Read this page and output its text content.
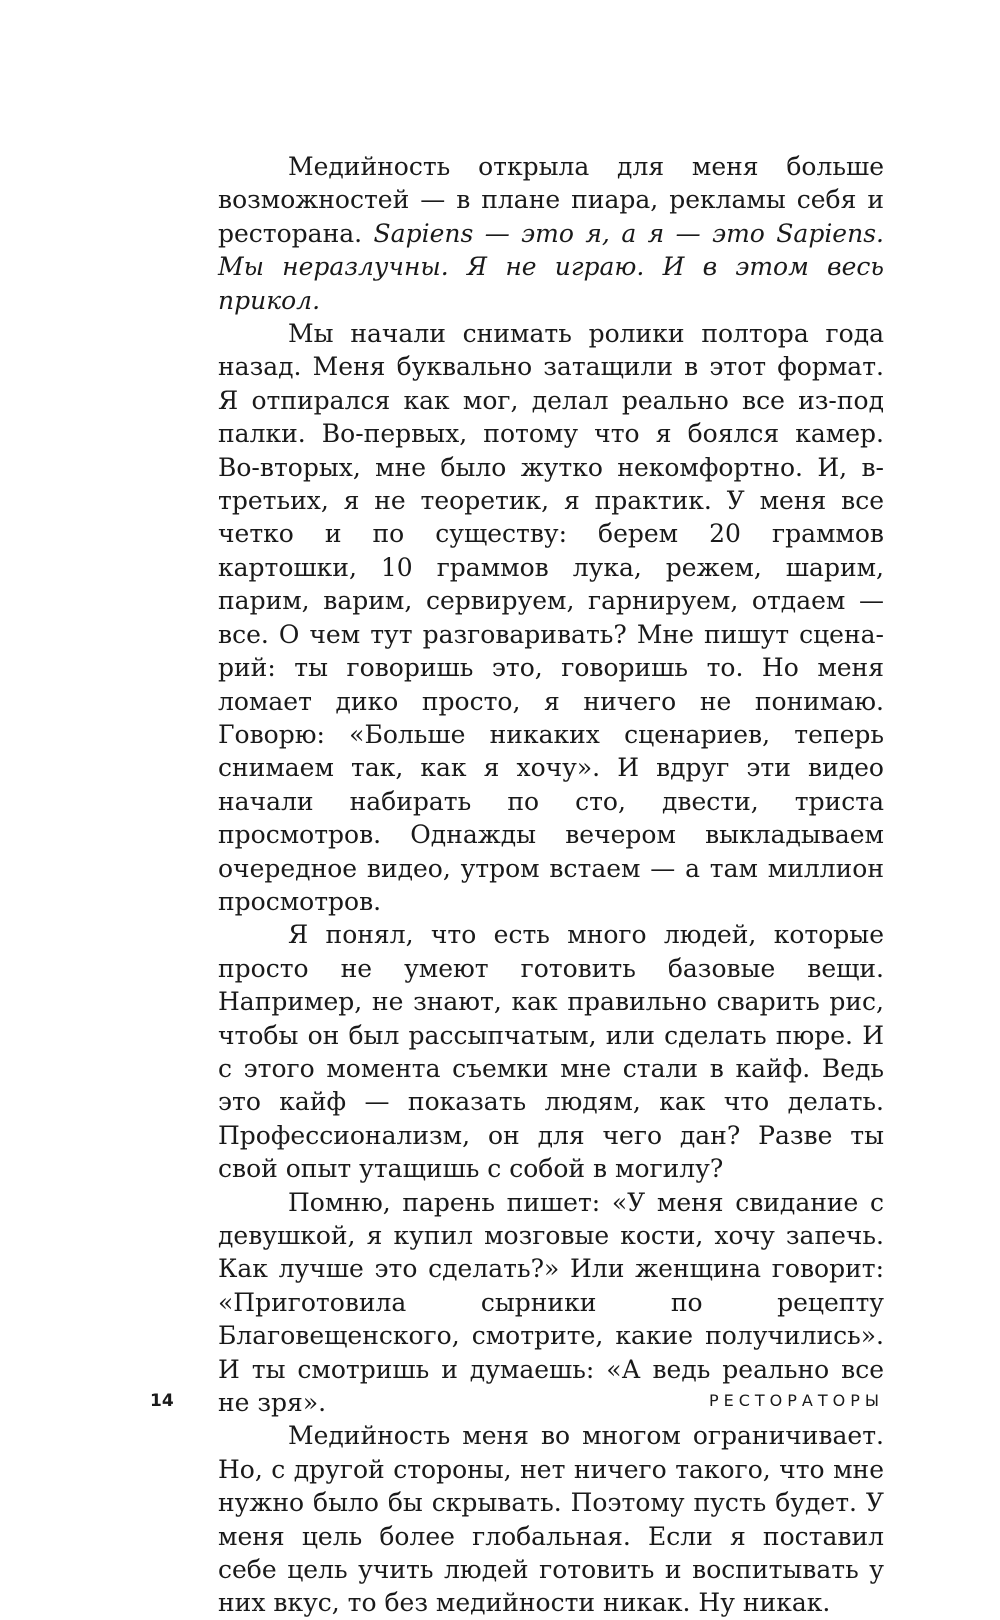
Медийность открыла для меня больше возможностей — в плане пиара, рекламы себя и ресторана. Sapiens — это я, а я — это Sapiens. Мы неразлучны. Я не играю. И в этом весь прикол.

Мы начали снимать ролики полтора года назад. Меня буквально затащили в этот формат. Я отпирался как мог, делал реально все из-под палки. Во-первых, потому что я боялся камер. Во-вторых, мне было жутко некомфортно. И, в-третьих, я не теоретик, я практик. У меня все четко и по существу: берем 20 граммов картошки, 10 граммов лука, режем, шарим, парим, варим, сервируем, гарнируем, отдаем — все. О чем тут разговаривать? Мне пишут сценарий: ты говоришь это, говоришь то. Но меня ломает дико просто, я ничего не понимаю. Говорю: «Больше никаких сценариев, теперь снимаем так, как я хочу». И вдруг эти видео начали набирать по сто, двести, триста просмотров. Однажды вечером выкладываем очередное видео, утром встаем — а там миллион просмотров.

Я понял, что есть много людей, которые просто не умеют готовить базовые вещи. Например, не знают, как правильно сварить рис, чтобы он был рассыпчатым, или сделать пюре. И с этого момента съемки мне стали в кайф. Ведь это кайф — показать людям, как что делать. Профессионализм, он для чего дан? Разве ты свой опыт утащишь с собой в могилу?

Помню, парень пишет: «У меня свидание с девушкой, я купил мозговые кости, хочу запечь. Как лучше это сделать?» Или женщина говорит: «Приготовила сырники по рецепту Благовещенского, смотрите, какие получились». И ты смотришь и думаешь: «А ведь реально все не зря».

Медийность меня во многом ограничивает. Но, с другой стороны, нет ничего такого, что мне нужно было бы скрывать. Поэтому пусть будет. У меня цель более глобальная. Если я поставил себе цель учить людей готовить и воспитывать у них вкус, то без медийности никак. Ну никак.

14	РЕСТОРАТОРЫ
